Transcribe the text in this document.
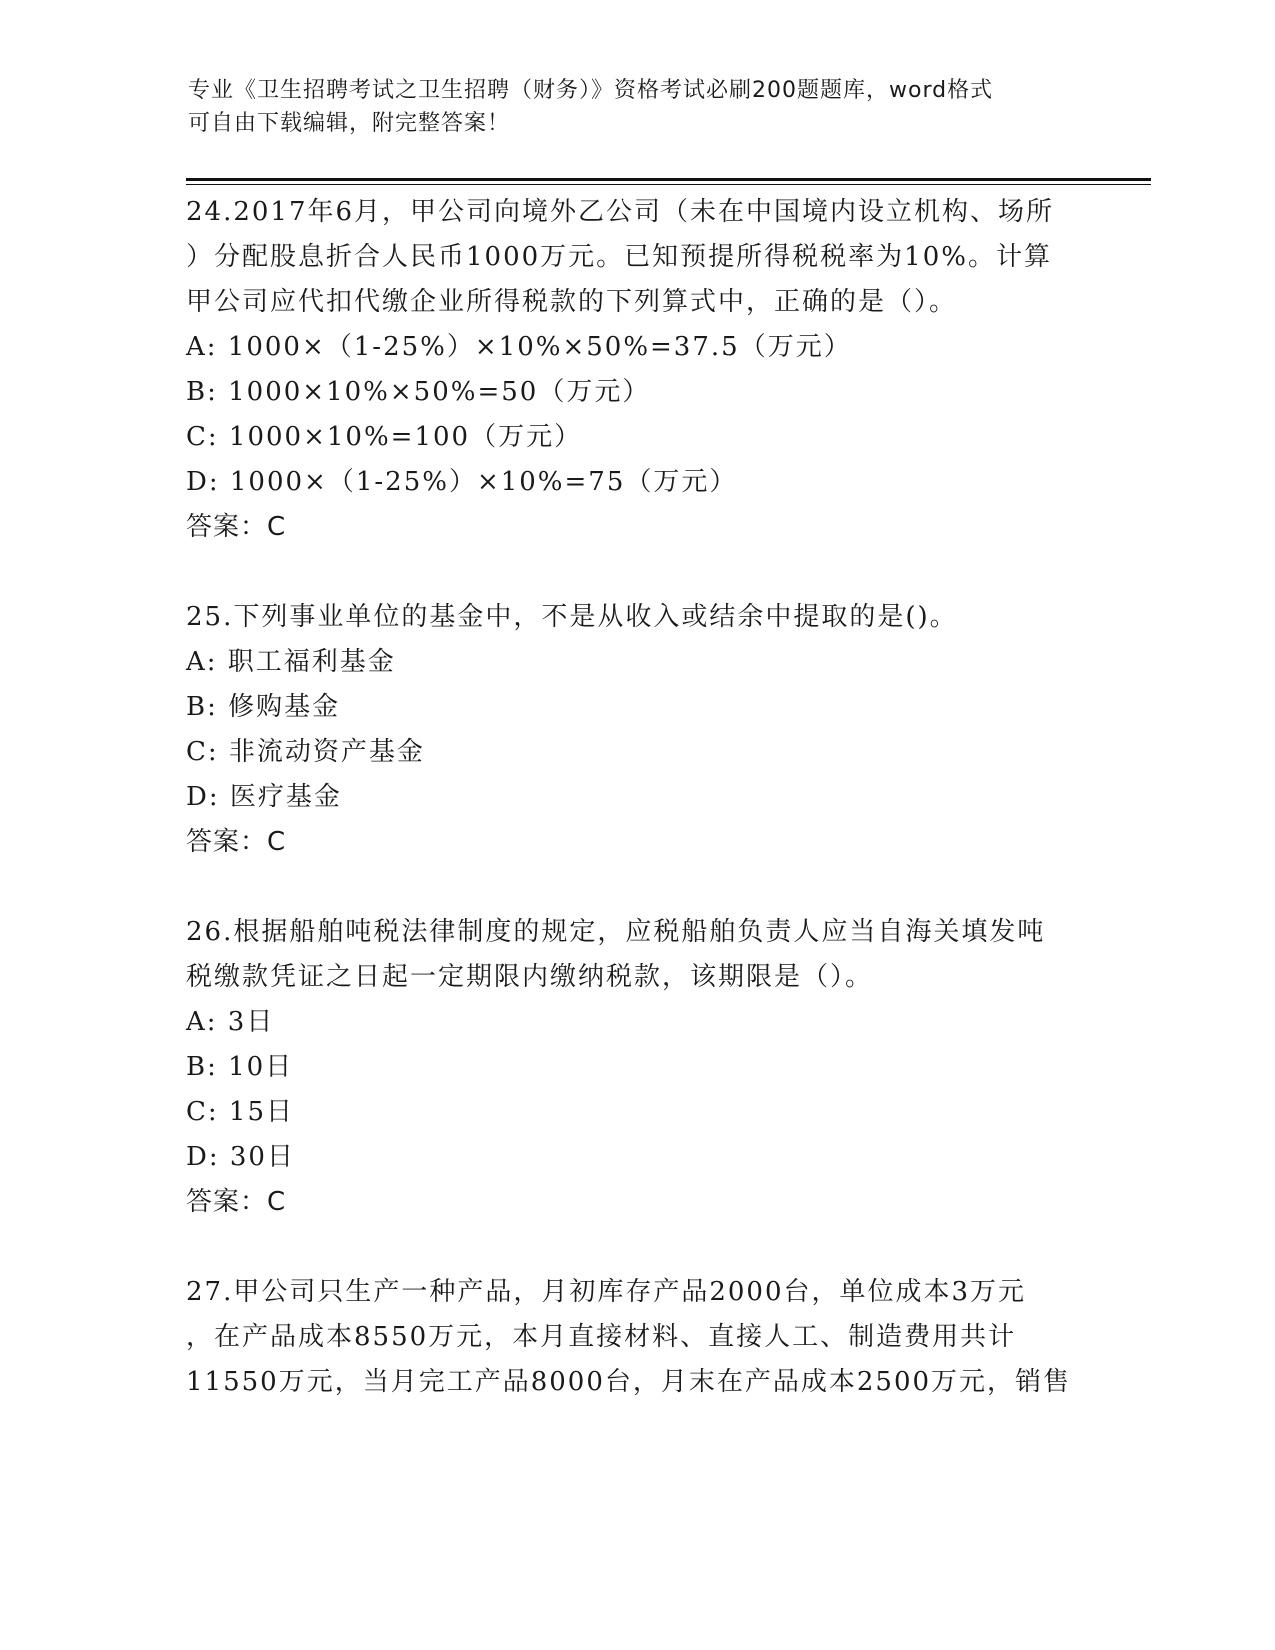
专业《卫生招聘考试之卫生招聘（财务）》资格考试必刷200题题库，word格式
可自由下载编辑，附完整答案！

24.2017年6月，甲公司向境外乙公司（未在中国境内设立机构、场所

）分配股息折合人民币1000万元。已知预提所得税税率为10%。计算

甲公司应代扣代缴企业所得税款的下列算式中，正确的是（）。

A: 1000×（1-25%）×10%×50%=37.5（万元）

B: 1000×10%×50%=50（万元）

C: 1000×10%=100（万元）

D: 1000×（1-25%）×10%=75（万元）

答案：C

25.下列事业单位的基金中，不是从收入或结余中提取的是()。

A: 职工福利基金

B: 修购基金

C: 非流动资产基金

D: 医疗基金

答案：C

26.根据船舶吨税法律制度的规定，应税船舶负责人应当自海关填发吨

税缴款凭证之日起一定期限内缴纳税款，该期限是（）。

A: 3日

B: 10日

C: 15日

D: 30日

答案：C

27.甲公司只生产一种产品，月初库存产品2000台，单位成本3万元

，在产品成本8550万元，本月直接材料、直接人工、制造费用共计

11550万元，当月完工产品8000台，月末在产品成本2500万元，销售
